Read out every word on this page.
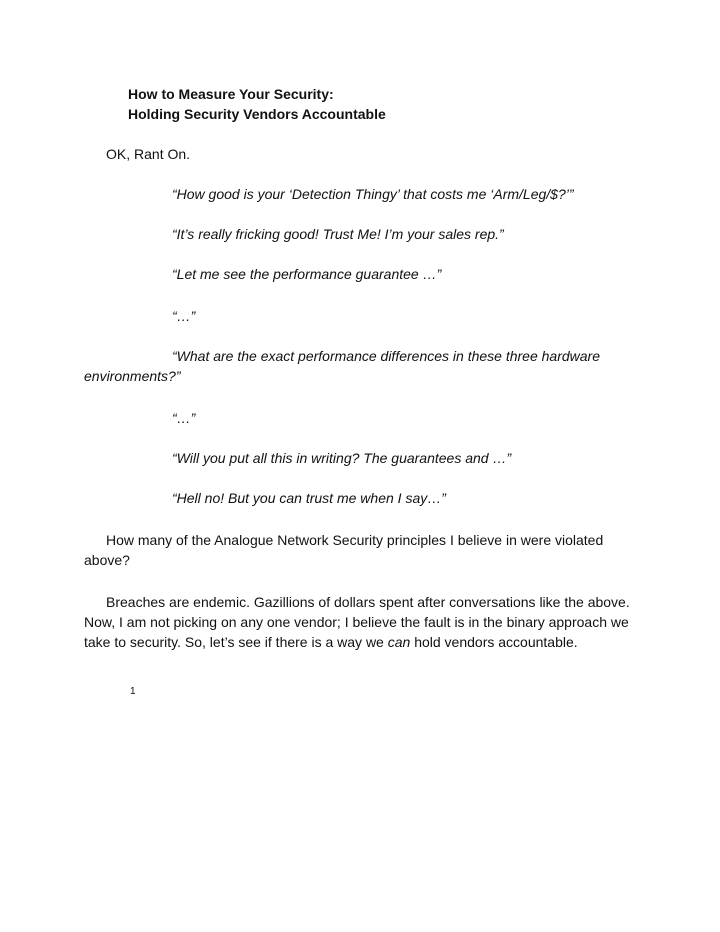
How to Measure Your Security:
Holding Security Vendors Accountable
OK, Rant On.
“How good is your ‘Detection Thingy’ that costs me ‘Arm/Leg/$?’”
“It’s really fricking good! Trust Me! I’m your sales rep.”
“Let me see the performance guarantee …”
“…”
“What are the exact performance differences in these three hardware
environments?”
“…”
“Will you put all this in writing? The guarantees and …”
“Hell no! But you can trust me when I say…”
How many of the Analogue Network Security principles I believe in were violated
above?
Breaches are endemic. Gazillions of dollars spent after conversations like the above.
Now, I am not picking on any one vendor; I believe the fault is in the binary approach we
take to security. So, let’s see if there is a way we can hold vendors accountable.
1
